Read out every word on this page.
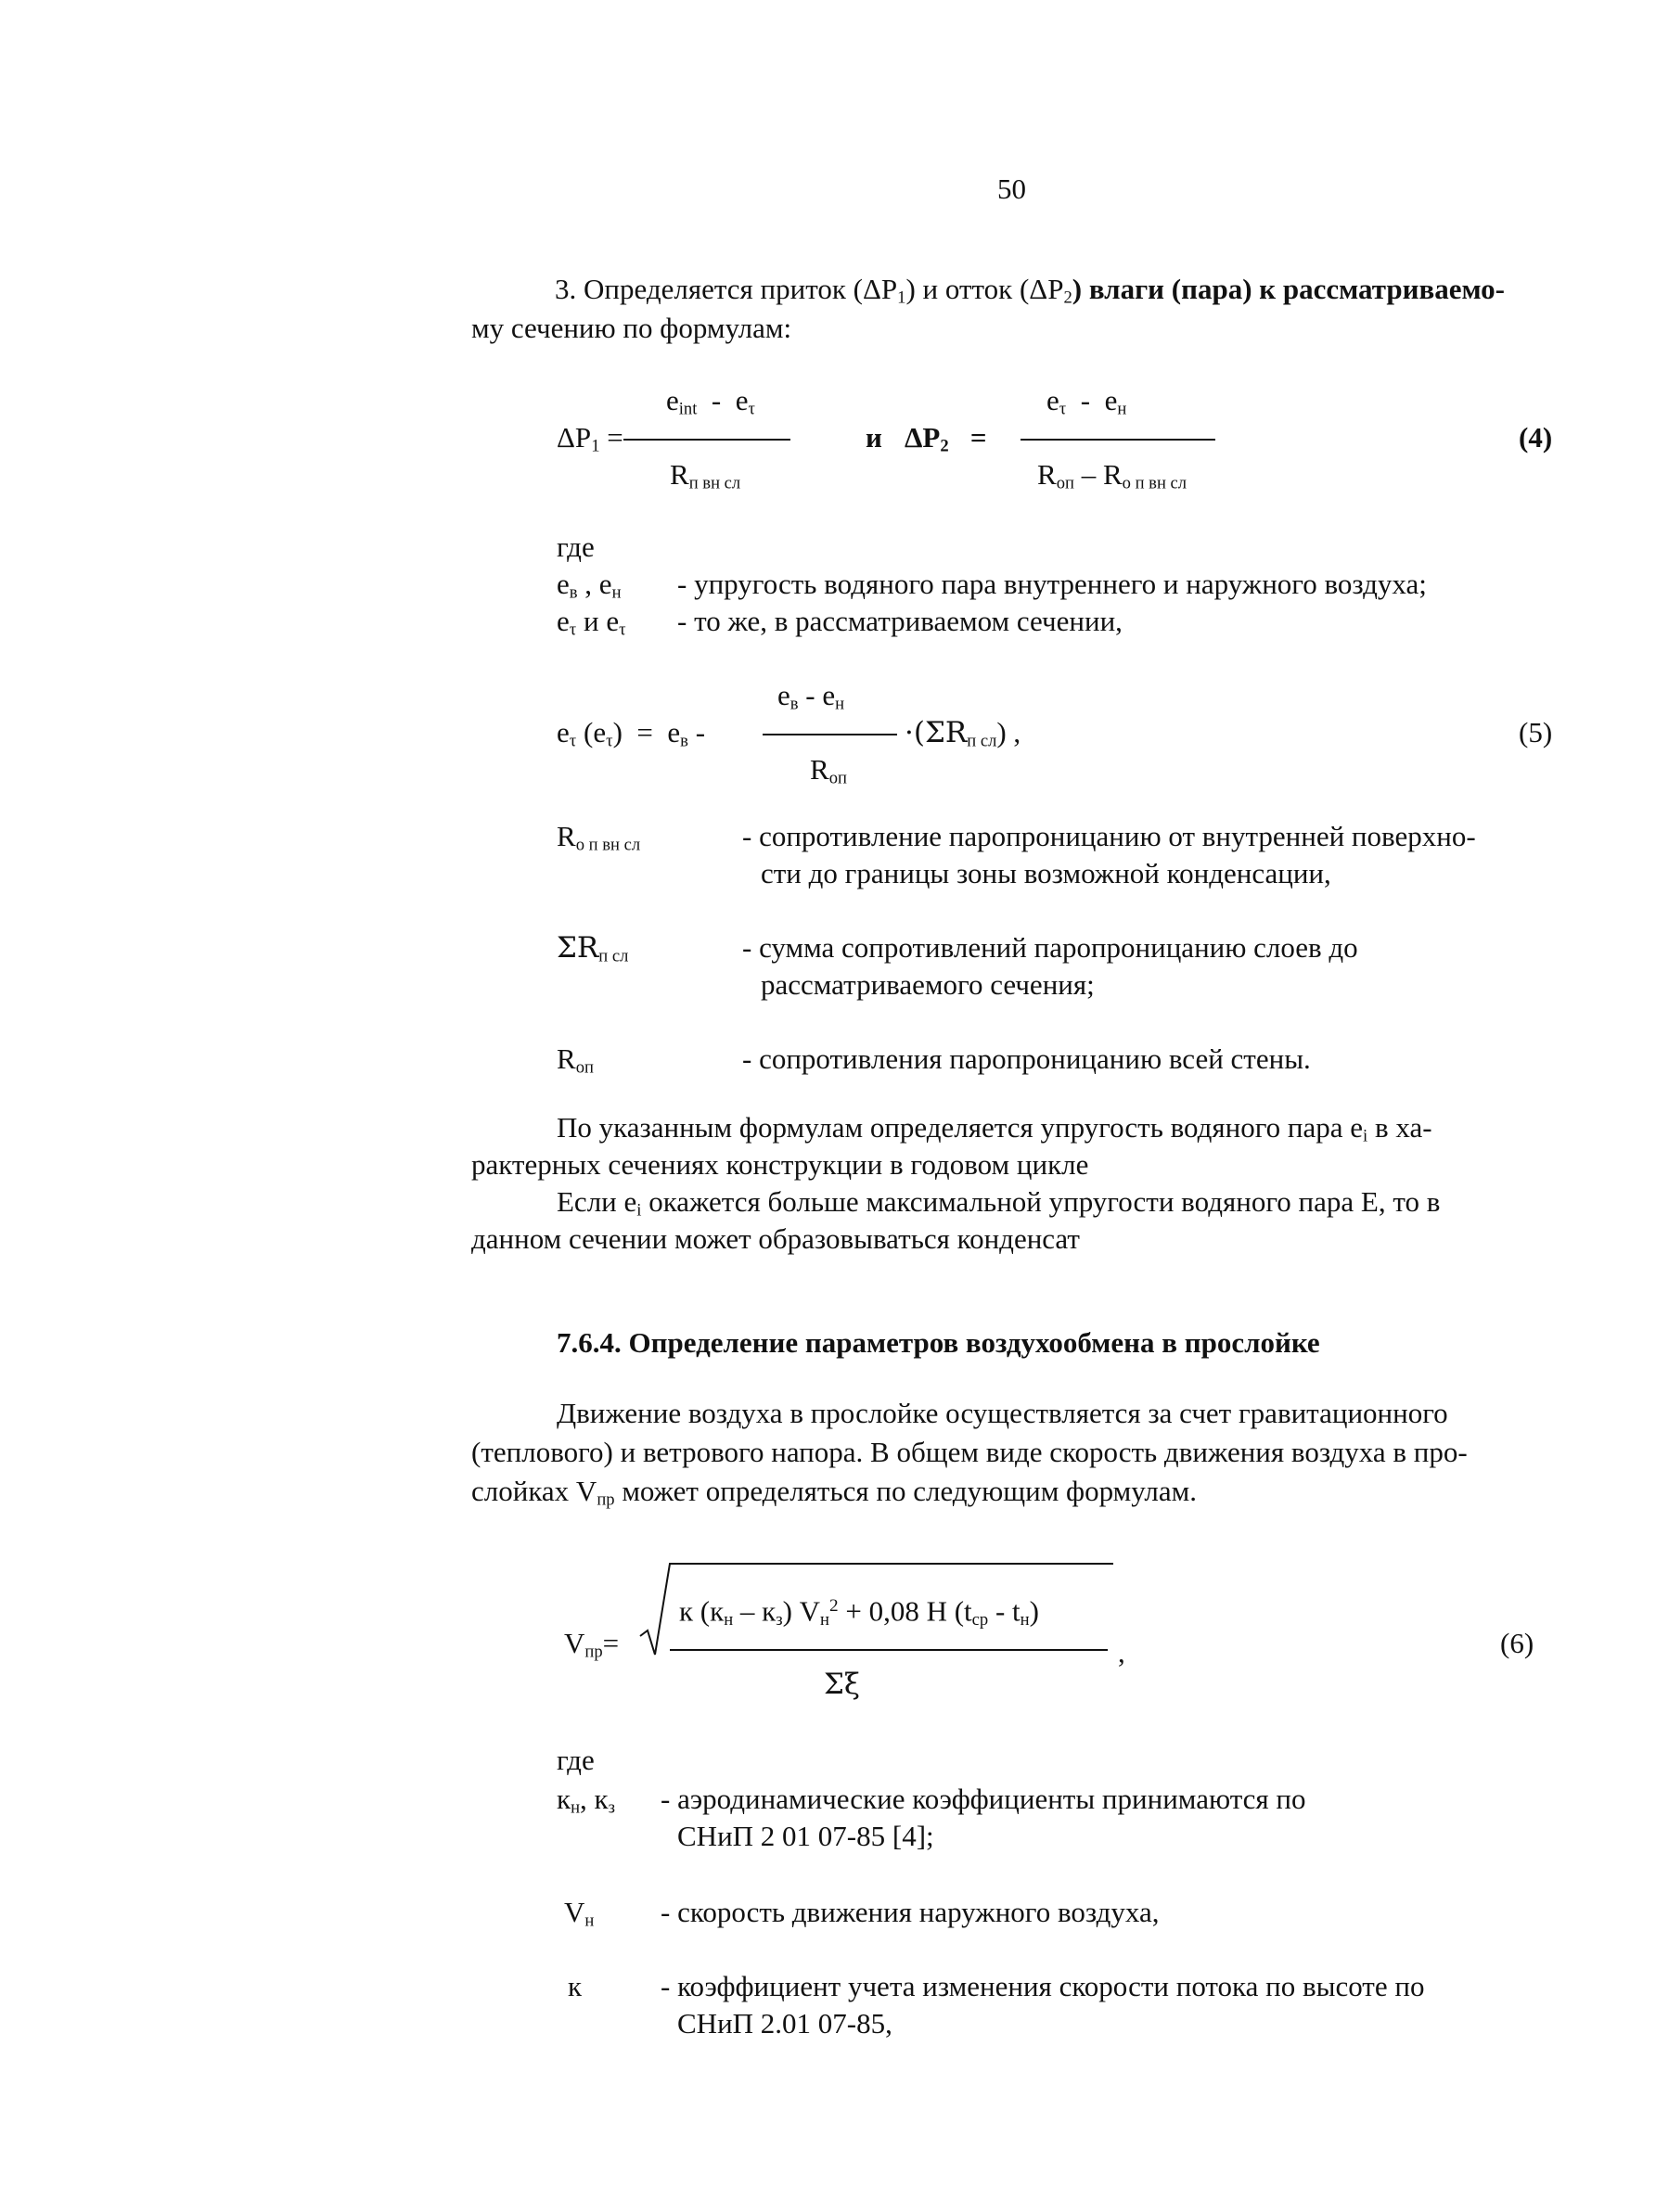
50
3. Определяется приток $(\Delta P_1)$ и отток $(\Delta P_2)$ влаги (пара) к рассматриваемо-
му сечению по формулам:
$\Delta P_1$ =
$e_{int} - e_\tau$
$R_{п вн сл}$
и $\Delta P_2$ =
$e_\tau - e_н$
$R_{оп} - R_{о п вн сл}$
(4)
где
$e_в$ , $e_н$ - упругость водяного пара внутреннего и наружного воздуха;
$e_\tau$ и $e_\tau$ - то же, в рассматриваемом сечении,
$e_\tau$ $(e_\tau) = e_в$ -
$e_в - e_н$
$R_{оп}$
$\cdot(\Sigma R_{п сл})$ ,	(5)
$R_{о п вн сл}$	- сопротивление паропроницанию от внутренней поверхно-
сти до границы зоны возможной конденсации,
$\Sigma R_{п сл}$	- сумма сопротивлений паропроницанию слоев до
рассматриваемого сечения;
$R_{оп}$	- сопротивления паропроницанию всей стены.
По указанным формулам определяется упругость водяного пара $e_i$ в ха-
рактерных сечениях конструкции в годовом цикле
Если $e_i$ окажется больше максимальной упругости водяного пара E, то в
данном сечении может образовываться конденсат
7.6.4. Определение параметров воздухообмена в прослойке
Движение воздуха в прослойке осуществляется за счет гравитационного
(теплового) и ветрового напора. В общем виде скорость движения воздуха в про-
слойках $V_{пр}$ может определяться по следующим формулам.
$V_{пр}=$
к $(к_н - к_з) V_н^2 + 0,08$ H $(t_{ср} - t_н)$
Σξ
,	(6)
где
$к_н$, $к_з$ - аэродинамические коэффициенты принимаются по
СНиП 2 01 07-85 [4];
$V_н$ - скорость движения наружного воздуха,
к	- коэффициент учета изменения скорости потока по высоте по
СНиП 2.01 07-85,
